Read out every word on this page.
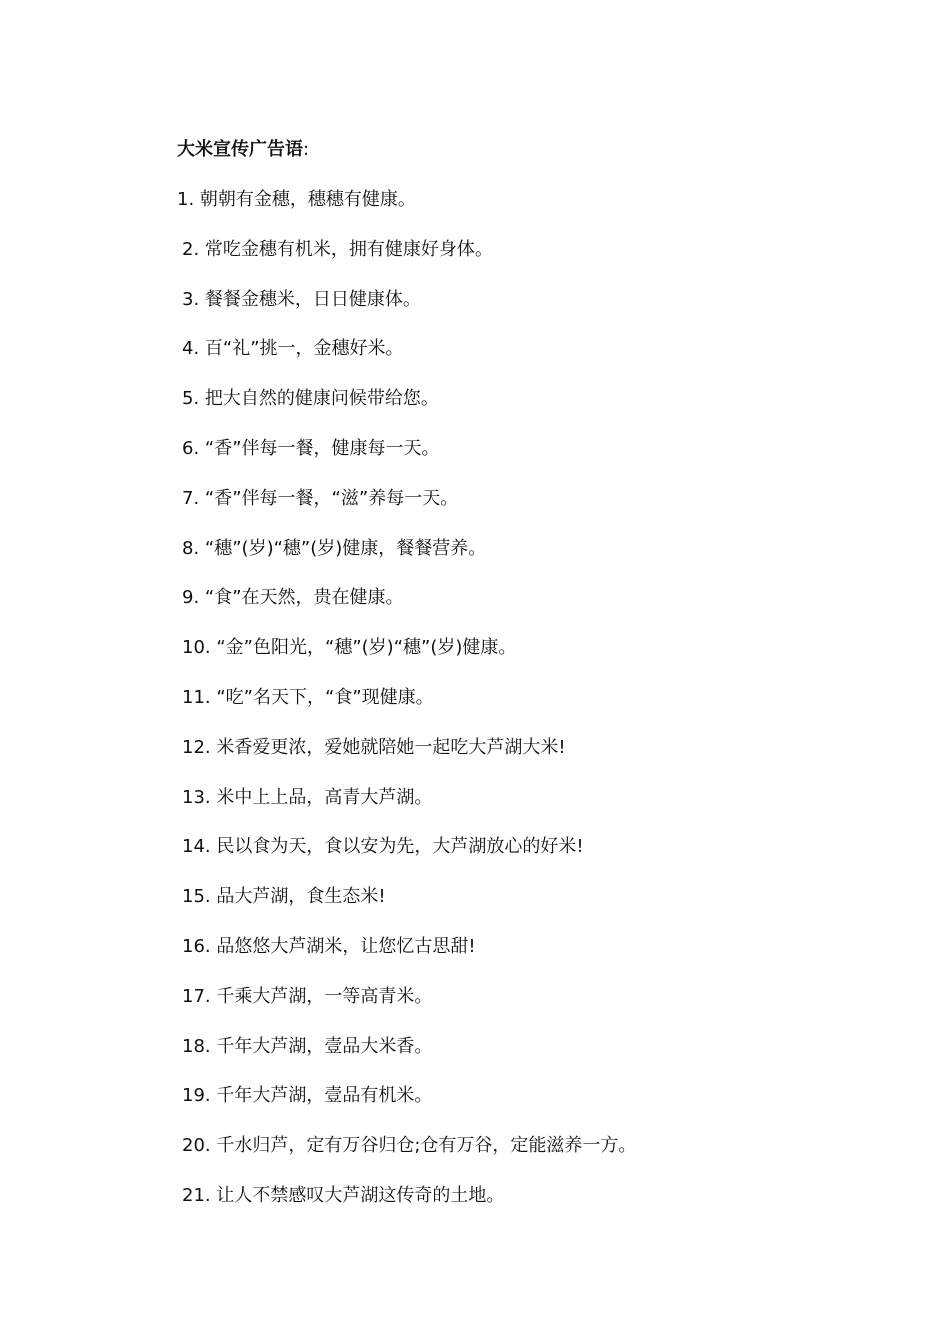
大米宣传广告语:
1. 朝朝有金穗，穗穗有健康。
2. 常吃金穗有机米，拥有健康好身体。
3. 餐餐金穗米，日日健康体。
4. 百“礼”挑一，金穗好米。
5. 把大自然的健康问候带给您。
6. “香”伴每一餐，健康每一天。
7. “香”伴每一餐，“滋”养每一天。
8. “穗”(岁)“穗”(岁)健康，餐餐营养。
9. “食”在天然，贵在健康。
10. “金”色阳光，“穗”(岁)“穗”(岁)健康。
11. “吃”名天下，“食”现健康。
12. 米香爱更浓，爱她就陪她一起吃大芦湖大米!
13. 米中上上品，高青大芦湖。
14. 民以食为天，食以安为先，大芦湖放心的好米!
15. 品大芦湖，食生态米!
16. 品悠悠大芦湖米，让您忆古思甜!
17. 千乘大芦湖，一等高青米。
18. 千年大芦湖，壹品大米香。
19. 千年大芦湖，壹品有机米。
20. 千水归芦，定有万谷归仓;仓有万谷，定能滋养一方。
21. 让人不禁感叹大芦湖这传奇的土地。
